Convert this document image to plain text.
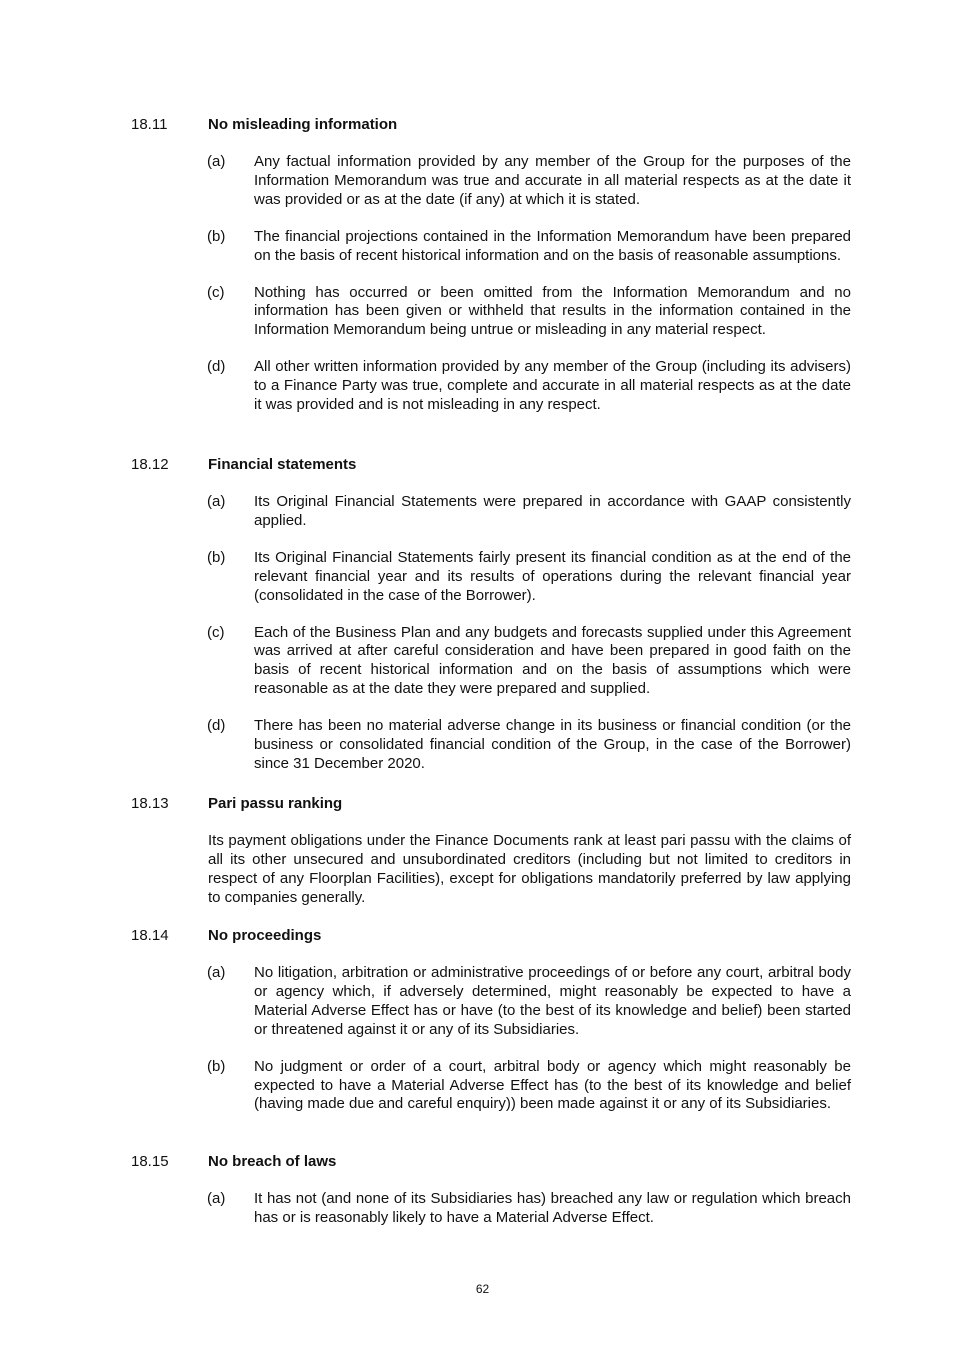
18.11	No misleading information
(a) Any factual information provided by any member of the Group for the purposes of the Information Memorandum was true and accurate in all material respects as at the date it was provided or as at the date (if any) at which it is stated.
(b) The financial projections contained in the Information Memorandum have been prepared on the basis of recent historical information and on the basis of reasonable assumptions.
(c) Nothing has occurred or been omitted from the Information Memorandum and no information has been given or withheld that results in the information contained in the Information Memorandum being untrue or misleading in any material respect.
(d) All other written information provided by any member of the Group (including its advisers) to a Finance Party was true, complete and accurate in all material respects as at the date it was provided and is not misleading in any respect.
18.12	Financial statements
(a) Its Original Financial Statements were prepared in accordance with GAAP consistently applied.
(b) Its Original Financial Statements fairly present its financial condition as at the end of the relevant financial year and its results of operations during the relevant financial year (consolidated in the case of the Borrower).
(c) Each of the Business Plan and any budgets and forecasts supplied under this Agreement was arrived at after careful consideration and have been prepared in good faith on the basis of recent historical information and on the basis of assumptions which were reasonable as at the date they were prepared and supplied.
(d) There has been no material adverse change in its business or financial condition (or the business or consolidated financial condition of the Group, in the case of the Borrower) since 31 December 2020.
18.13	Pari passu ranking
Its payment obligations under the Finance Documents rank at least pari passu with the claims of all its other unsecured and unsubordinated creditors (including but not limited to creditors in respect of any Floorplan Facilities), except for obligations mandatorily preferred by law applying to companies generally.
18.14	No proceedings
(a) No litigation, arbitration or administrative proceedings of or before any court, arbitral body or agency which, if adversely determined, might reasonably be expected to have a Material Adverse Effect has or have (to the best of its knowledge and belief) been started or threatened against it or any of its Subsidiaries.
(b) No judgment or order of a court, arbitral body or agency which might reasonably be expected to have a Material Adverse Effect has (to the best of its knowledge and belief (having made due and careful enquiry)) been made against it or any of its Subsidiaries.
18.15	No breach of laws
(a) It has not (and none of its Subsidiaries has) breached any law or regulation which breach has or is reasonably likely to have a Material Adverse Effect.
62
